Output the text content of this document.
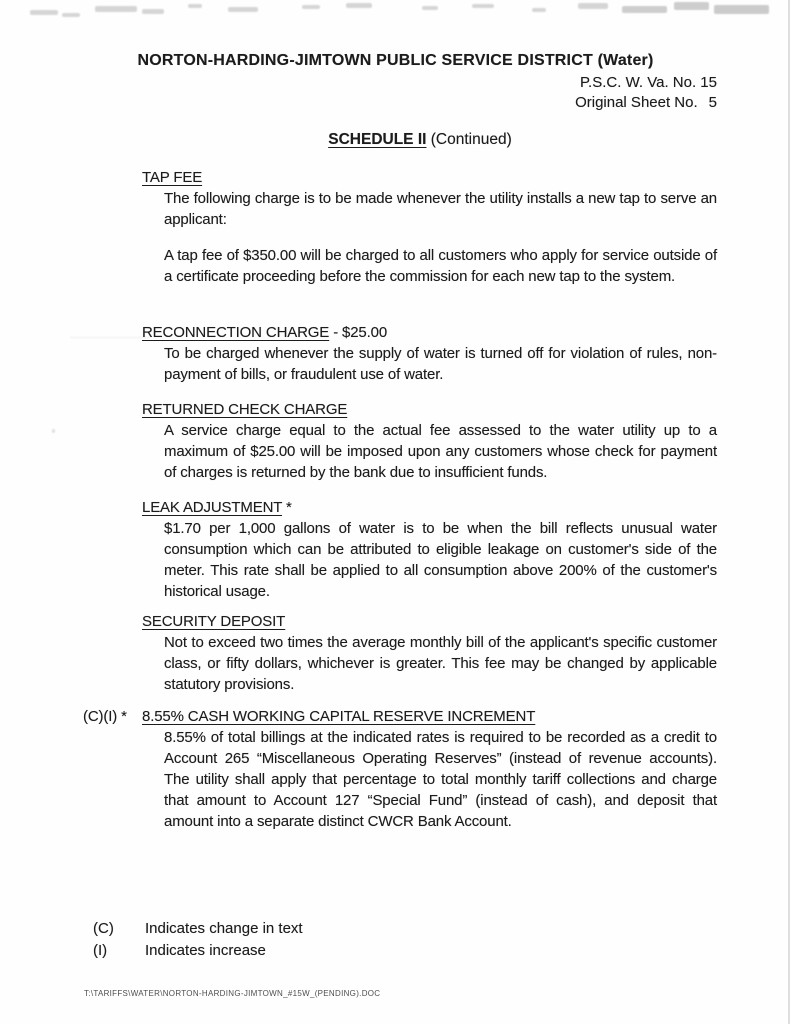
NORTON-HARDING-JIMTOWN PUBLIC SERVICE DISTRICT (Water)
P.S.C. W. Va. No. 15
Original Sheet No. 5
SCHEDULE II (Continued)
TAP FEE

The following charge is to be made whenever the utility installs a new tap to serve an applicant:

A tap fee of $350.00 will be charged to all customers who apply for service outside of a certificate proceeding before the commission for each new tap to the system.

RECONNECTION CHARGE - $25.00

To be charged whenever the supply of water is turned off for violation of rules, non-payment of bills, or fraudulent use of water.

RETURNED CHECK CHARGE

A service charge equal to the actual fee assessed to the water utility up to a maximum of $25.00 will be imposed upon any customers whose check for payment of charges is returned by the bank due to insufficient funds.

LEAK ADJUSTMENT *

$1.70 per 1,000 gallons of water is to be when the bill reflects unusual water consumption which can be attributed to eligible leakage on customer's side of the meter. This rate shall be applied to all consumption above 200% of the customer's historical usage.

SECURITY DEPOSIT

Not to exceed two times the average monthly bill of the applicant's specific customer class, or fifty dollars, whichever is greater. This fee may be changed by applicable statutory provisions.

(C)(I) * 8.55% CASH WORKING CAPITAL RESERVE INCREMENT

8.55% of total billings at the indicated rates is required to be recorded as a credit to Account 265 “Miscellaneous Operating Reserves” (instead of revenue accounts). The utility shall apply that percentage to total monthly tariff collections and charge that amount to Account 127 “Special Fund” (instead of cash), and deposit that amount into a separate distinct CWCR Bank Account.

(C)	Indicates change in text
(I)	Indicates increase
T:\TARIFFS\WATER\NORTON-HARDING-JIMTOWN_#15W_(PENDING).DOC
